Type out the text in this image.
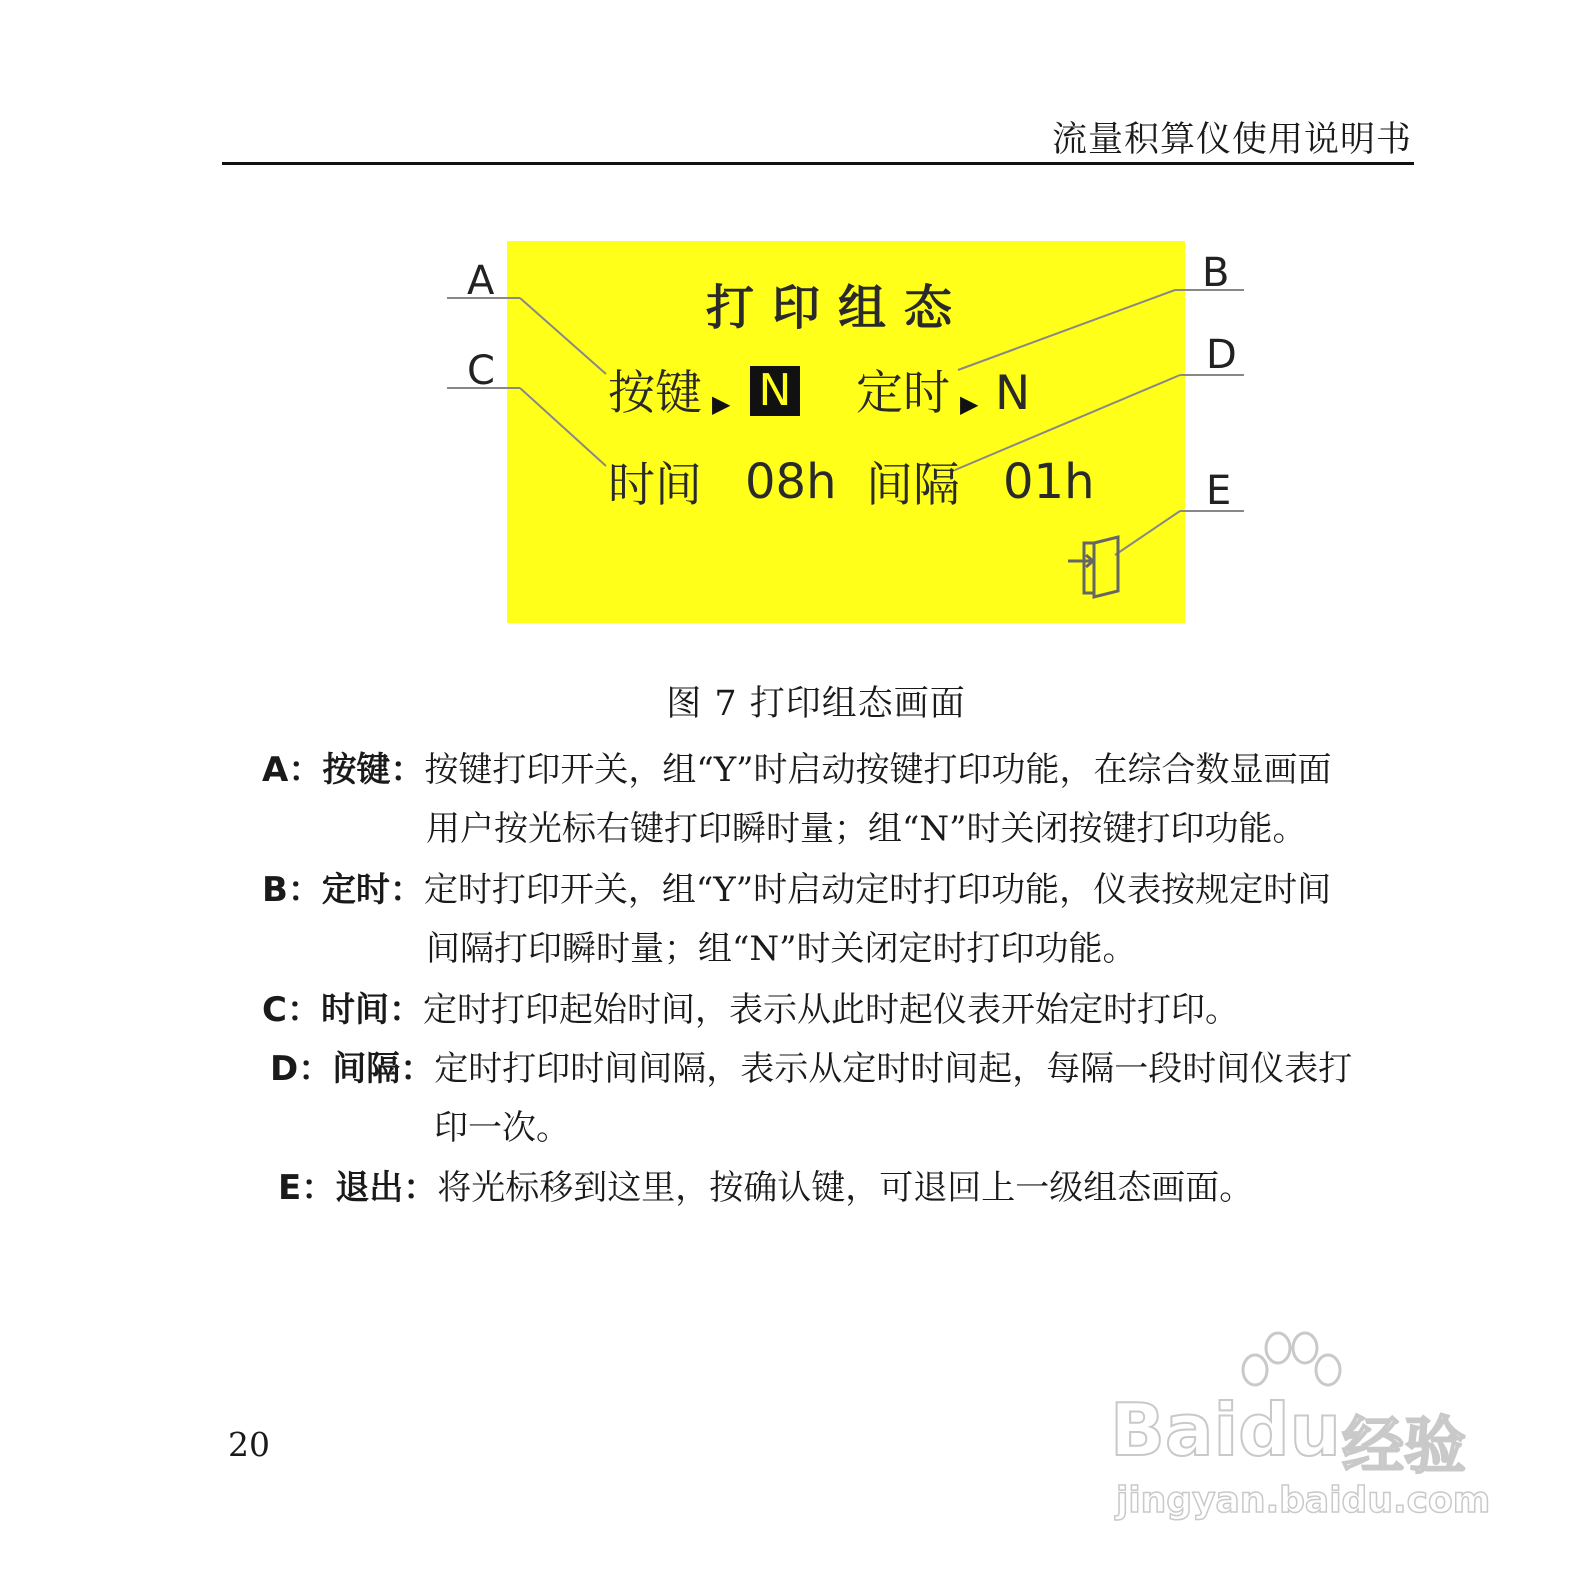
流量积算仪使用说明书
A	B
C	D
E
打印组态
按键 ▶ N 定时 ▶ N
时间 08h 间隔 01h
图 7 打印组态画面
A：按键：按键打印开关，组“Y”时启动按键打印功能，在综合数显画面
用户按光标右键打印瞬时量；组“N”时关闭按键打印功能。
B：定时：定时打印开关，组“Y”时启动定时打印功能，仪表按规定时间
间隔打印瞬时量；组“N”时关闭定时打印功能。
C：时间：定时打印起始时间，表示从此时起仪表开始定时打印。
D：间隔：定时打印时间间隔，表示从定时时间起，每隔一段时间仪表打
印一次。
E：退出：将光标移到这里，按确认键，可退回上一级组态画面。
20	Baidu 经验
jingyan.baidu.com
